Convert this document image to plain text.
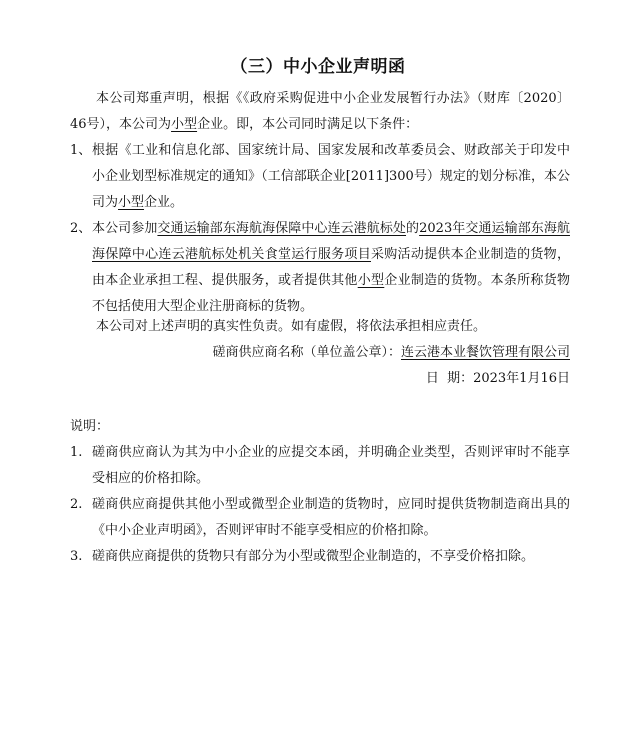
（三）中小企业声明函
本公司郑重声明，根据《《政府采购促进中小企业发展暂行办法》（财库〔2020〕46号），本公司为小型企业。即，本公司同时满足以下条件：
1、 根据《工业和信息化部、国家统计局、国家发展和改革委员会、财政部关于印发中小企业划型标准规定的通知》（工信部联企业[2011]300号）规定的划分标准，本公司为小型企业。
2、 本公司参加交通运输部东海航海保障中心连云港航标处的2023年交通运输部东海航海保障中心连云港航标处机关食堂运行服务项目采购活动提供本企业制造的货物，由本企业承担工程、提供服务，或者提供其他小型企业制造的货物。本条所称货物不包括使用大型企业注册商标的货物。
本公司对上述声明的真实性负责。如有虚假，将依法承担相应责任。
磋商供应商名称（单位盖公章）：连云港本业餐饮管理有限公司
日  期：2023年1月16日
说明：
1. 磋商供应商认为其为中小企业的应提交本函，并明确企业类型，否则评审时不能享受相应的价格扣除。
2. 磋商供应商提供其他小型或微型企业制造的货物时，应同时提供货物制造商出具的《中小企业声明函》，否则评审时不能享受相应的价格扣除。
3. 磋商供应商提供的货物只有部分为小型或微型企业制造的，不享受价格扣除。
